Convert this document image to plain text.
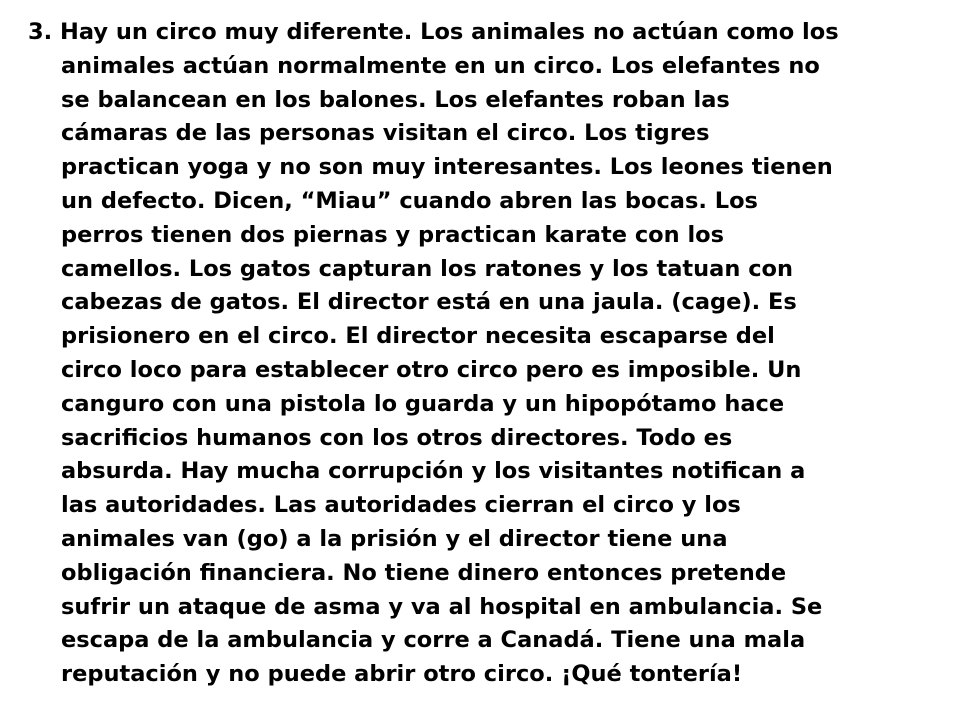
3. Hay un circo muy diferente. Los animales no actúan como los
animales actúan normalmente en un circo. Los elefantes no
se balancean en los balones. Los elefantes roban las
cámaras de las personas visitan el circo. Los tigres
practican yoga y no son muy interesantes. Los leones tienen
un defecto. Dicen, “Miau” cuando abren las bocas. Los
perros tienen dos piernas y practican karate con los
camellos. Los gatos capturan los ratones y los tatuan con
cabezas de gatos. El director está en una jaula. (cage). Es
prisionero en el circo. El director necesita escaparse del
circo loco para establecer otro circo pero es imposible. Un
canguro con una pistola lo guarda y un hipopótamo hace
sacrificios humanos con los otros directores. Todo es
absurda. Hay mucha corrupción y los visitantes notifican a
las autoridades. Las autoridades cierran el circo y los
animales van (go) a la prisión y el director tiene una
obligación financiera. No tiene dinero entonces pretende
sufrir un ataque de asma y va al hospital en ambulancia. Se
escapa de la ambulancia y corre a Canadá. Tiene una mala
reputación y no puede abrir otro circo. ¡Qué tontería!
